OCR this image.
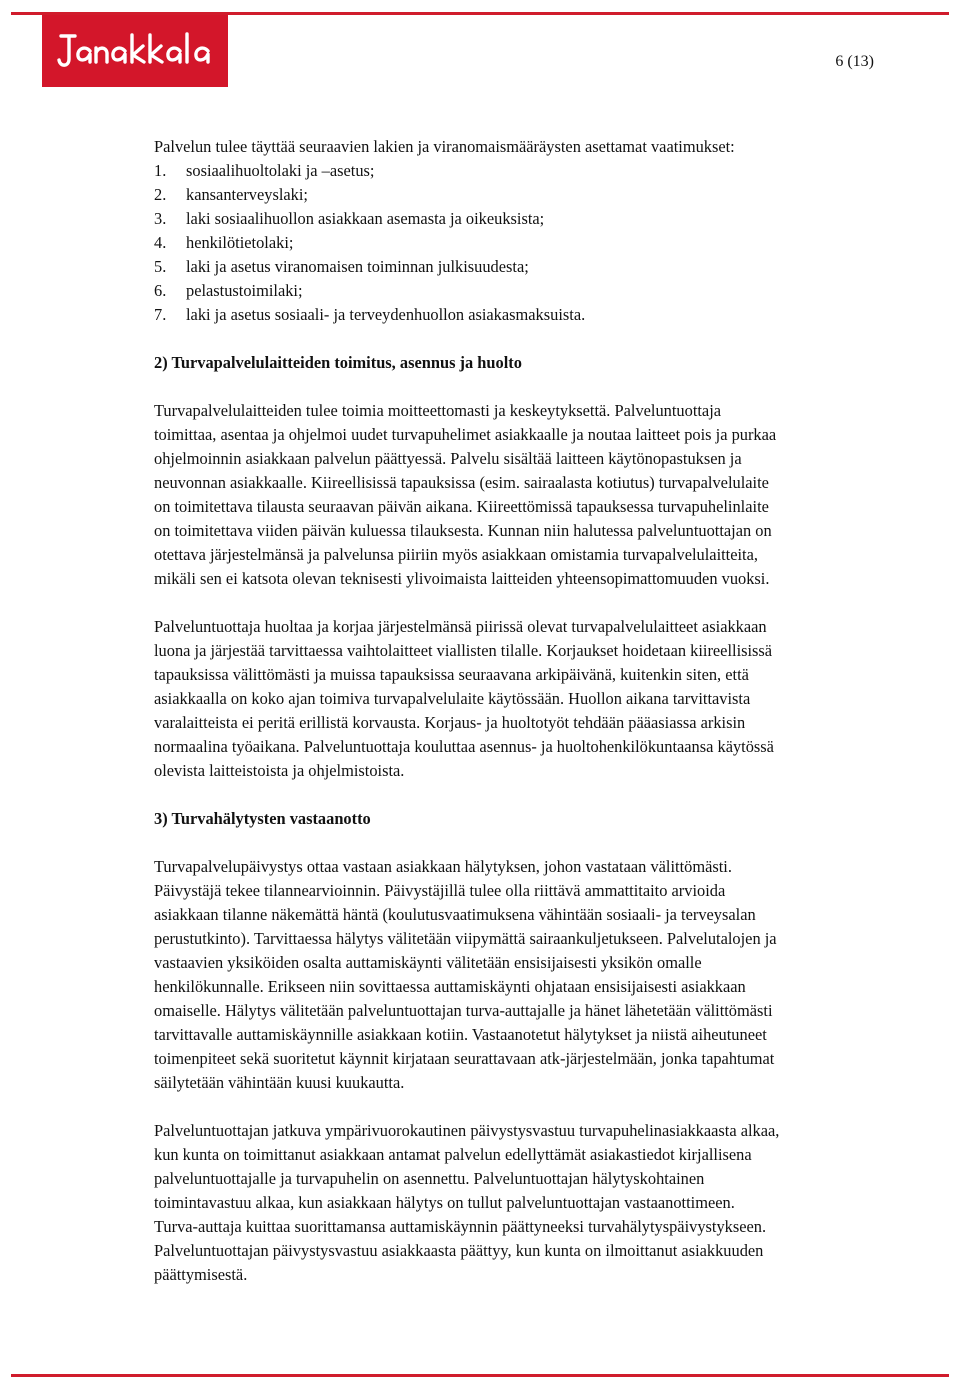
6 (13)

Palvelun tulee täyttää seuraavien lakien ja viranomaismääräysten asettamat vaatimukset:

1. sosiaalihuoltolaki ja –asetus;
2. kansanterveyslaki;
3. laki sosiaalihuollon asiakkaan asemasta ja oikeuksista;
4. henkilötietolaki;
5. laki ja asetus viranomaisen toiminnan julkisuudesta;
6. pelastustoimilaki;
7. laki ja asetus sosiaali- ja terveydenhuollon asiakasmaksuista.
2) Turvapalvelulaitteiden toimitus, asennus ja huolto

Turvapalvelulaitteiden tulee toimia moitteettomasti ja keskeytyksettä. Palveluntuottaja
toimittaa, asentaa ja ohjelmoi uudet turvapuhelimet asiakkaalle ja noutaa laitteet pois ja purkaa
ohjelmoinnin asiakkaan palvelun päättyessä. Palvelu sisältää laitteen käytönopastuksen ja
neuvonnan asiakkaalle. Kiireellisissä tapauksissa (esim. sairaalasta kotiutus) turvapalvelulaite
on toimitettava tilausta seuraavan päivän aikana. Kiireettömissä tapauksessa turvapuhelinlaite
on toimitettava viiden päivän kuluessa tilauksesta. Kunnan niin halutessa palveluntuottajan on
otettava järjestelmänsä ja palvelunsa piiriin myös asiakkaan omistamia turvapalvelulaitteita,
mikäli sen ei katsota olevan teknisesti ylivoimaista laitteiden yhteensopimattomuuden vuoksi.

Palveluntuottaja huoltaa ja korjaa järjestelmänsä piirissä olevat turvapalvelulaitteet asiakkaan
luona ja järjestää tarvittaessa vaihtolaitteet viallisten tilalle. Korjaukset hoidetaan kiireellisissä
tapauksissa välittömästi ja muissa tapauksissa seuraavana arkipäivänä, kuitenkin siten, että
asiakkaalla on koko ajan toimiva turvapalvelulaite käytössään. Huollon aikana tarvittavista
varalaitteista ei peritä erillistä korvausta. Korjaus- ja huoltotyöt tehdään pääasiassa arkisin
normaalina työaikana. Palveluntuottaja kouluttaa asennus- ja huoltohenkilökuntaansa käytössä
olevista laitteistoista ja ohjelmistoista.

3) Turvahälytysten vastaanotto

Turvapalvelupäivystys ottaa vastaan asiakkaan hälytyksen, johon vastataan välittömästi.
Päivystäjä tekee tilannearvioinnin. Päivystäjillä tulee olla riittävä ammattitaito arvioida
asiakkaan tilanne näkemättä häntä (koulutusvaatimuksena vähintään sosiaali- ja terveysalan
perustutkinto). Tarvittaessa hälytys välitetään viipymättä sairaankuljetukseen. Palvelutalojen ja
vastaavien yksiköiden osalta auttamiskäynti välitetään ensisijaisesti yksikön omalle
henkilökunnalle. Erikseen niin sovittaessa auttamiskäynti ohjataan ensisijaisesti asiakkaan
omaiselle. Hälytys välitetään palveluntuottajan turva-auttajalle ja hänet lähetetään välittömästi
tarvittavalle auttamiskäynnille asiakkaan kotiin. Vastaanotetut hälytykset ja niistä aiheutuneet
toimenpiteet sekä suoritetut käynnit kirjataan seurattavaan atk-järjestelmään, jonka tapahtumat
säilytetään vähintään kuusi kuukautta.

Palveluntuottajan jatkuva ympärivuorokautinen päivystysvastuu turvapuhelinasiakkaasta alkaa,
kun kunta on toimittanut asiakkaan antamat palvelun edellyttämät asiakastiedot kirjallisena
palveluntuottajalle ja turvapuhelin on asennettu. Palveluntuottajan hälytyskohtainen
toimintavastuu alkaa, kun asiakkaan hälytys on tullut palveluntuottajan vastaanottimeen.
Turva-auttaja kuittaa suorittamansa auttamiskäynnin päättyneeksi turvahälytyspäivystykseen.
Palveluntuottajan päivystysvastuu asiakkaasta päättyy, kun kunta on ilmoittanut asiakkuuden
päättymisestä.
